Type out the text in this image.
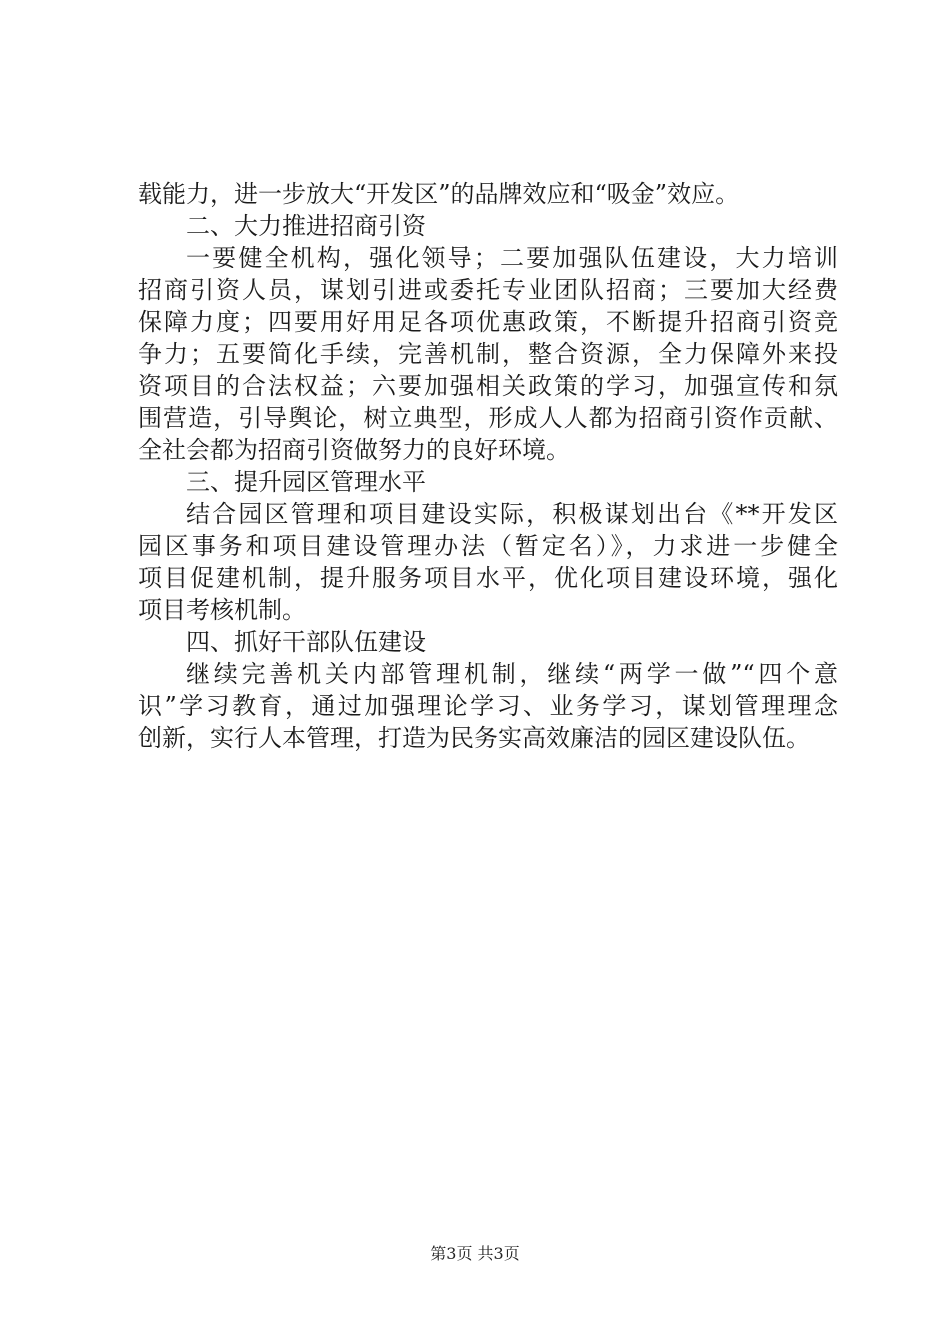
载能力，进一步放大“开发区”的品牌效应和“吸金”效应。
二、大力推进招商引资
一要健全机构，强化领导；二要加强队伍建设，大力培训
招商引资人员，谋划引进或委托专业团队招商；三要加大经费
保障力度；四要用好用足各项优惠政策，不断提升招商引资竞
争力；五要简化手续，完善机制，整合资源，全力保障外来投
资项目的合法权益；六要加强相关政策的学习，加强宣传和氛
围营造，引导舆论，树立典型，形成人人都为招商引资作贡献、
全社会都为招商引资做努力的良好环境。
三、提升园区管理水平
结合园区管理和项目建设实际，积极谋划出台《**开发区
园区事务和项目建设管理办法（暂定名）》，力求进一步健全
项目促建机制，提升服务项目水平，优化项目建设环境，强化
项目考核机制。
四、抓好干部队伍建设
继续完善机关内部管理机制，继续“两学一做”“四个意
识”学习教育，通过加强理论学习、业务学习，谋划管理理念
创新，实行人本管理，打造为民务实高效廉洁的园区建设队伍。
第3页 共3页
